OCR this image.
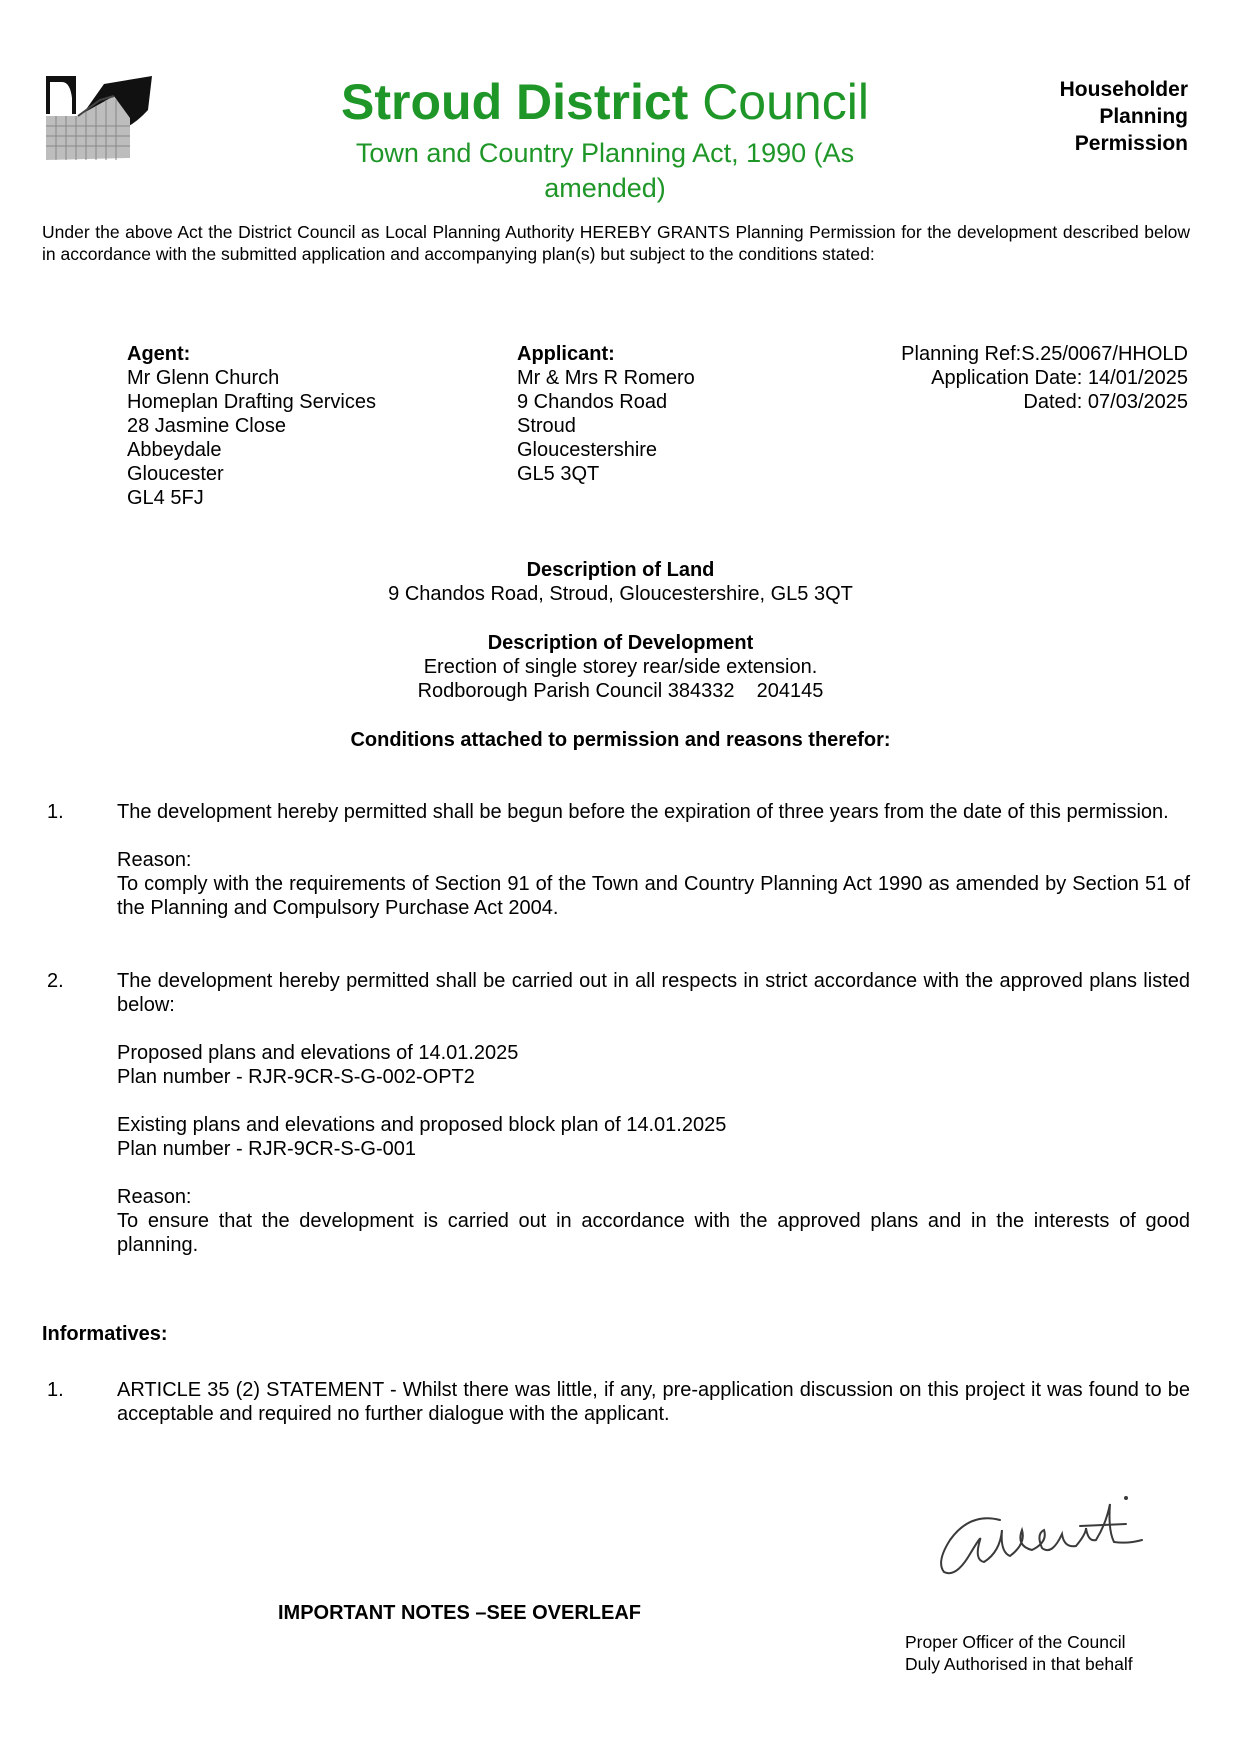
Stroud District Council
Town and Country Planning Act, 1990 (As amended)
Householder
Planning
Permission
Under the above Act the District Council as Local Planning Authority HEREBY GRANTS Planning Permission for the development described below in accordance with the submitted application and accompanying plan(s) but subject to the conditions stated:
Agent:
Mr Glenn Church
Homeplan Drafting Services
28 Jasmine Close
Abbeydale
Gloucester
GL4 5FJ
Applicant:
Mr & Mrs R Romero
9 Chandos Road
Stroud
Gloucestershire
GL5 3QT
Planning Ref:S.25/0067/HHOLD
Application Date: 14/01/2025
Dated: 07/03/2025
Description of Land
9 Chandos Road, Stroud, Gloucestershire, GL5 3QT
Description of Development
Erection of single storey rear/side extension.
Rodborough Parish Council 384332    204145
Conditions attached to permission and reasons therefor:
1.	The development hereby permitted shall be begun before the expiration of three years from the date of this permission.

Reason:
To comply with the requirements of Section 91 of the Town and Country Planning Act 1990 as amended by Section 51 of the Planning and Compulsory Purchase Act 2004.

2.	The development hereby permitted shall be carried out in all respects in strict accordance with the approved plans listed below:

Proposed plans and elevations of 14.01.2025
Plan number - RJR-9CR-S-G-002-OPT2

Existing plans and elevations and proposed block plan of 14.01.2025
Plan number - RJR-9CR-S-G-001

Reason:
To ensure that the development is carried out in accordance with the approved plans and in the interests of good planning.

Informatives:
1.	ARTICLE 35 (2) STATEMENT - Whilst there was little, if any, pre-application discussion on this project it was found to be acceptable and required no further dialogue with the applicant.

IMPORTANT NOTES –SEE OVERLEAF
Proper Officer of the Council
Duly Authorised in that behalf
